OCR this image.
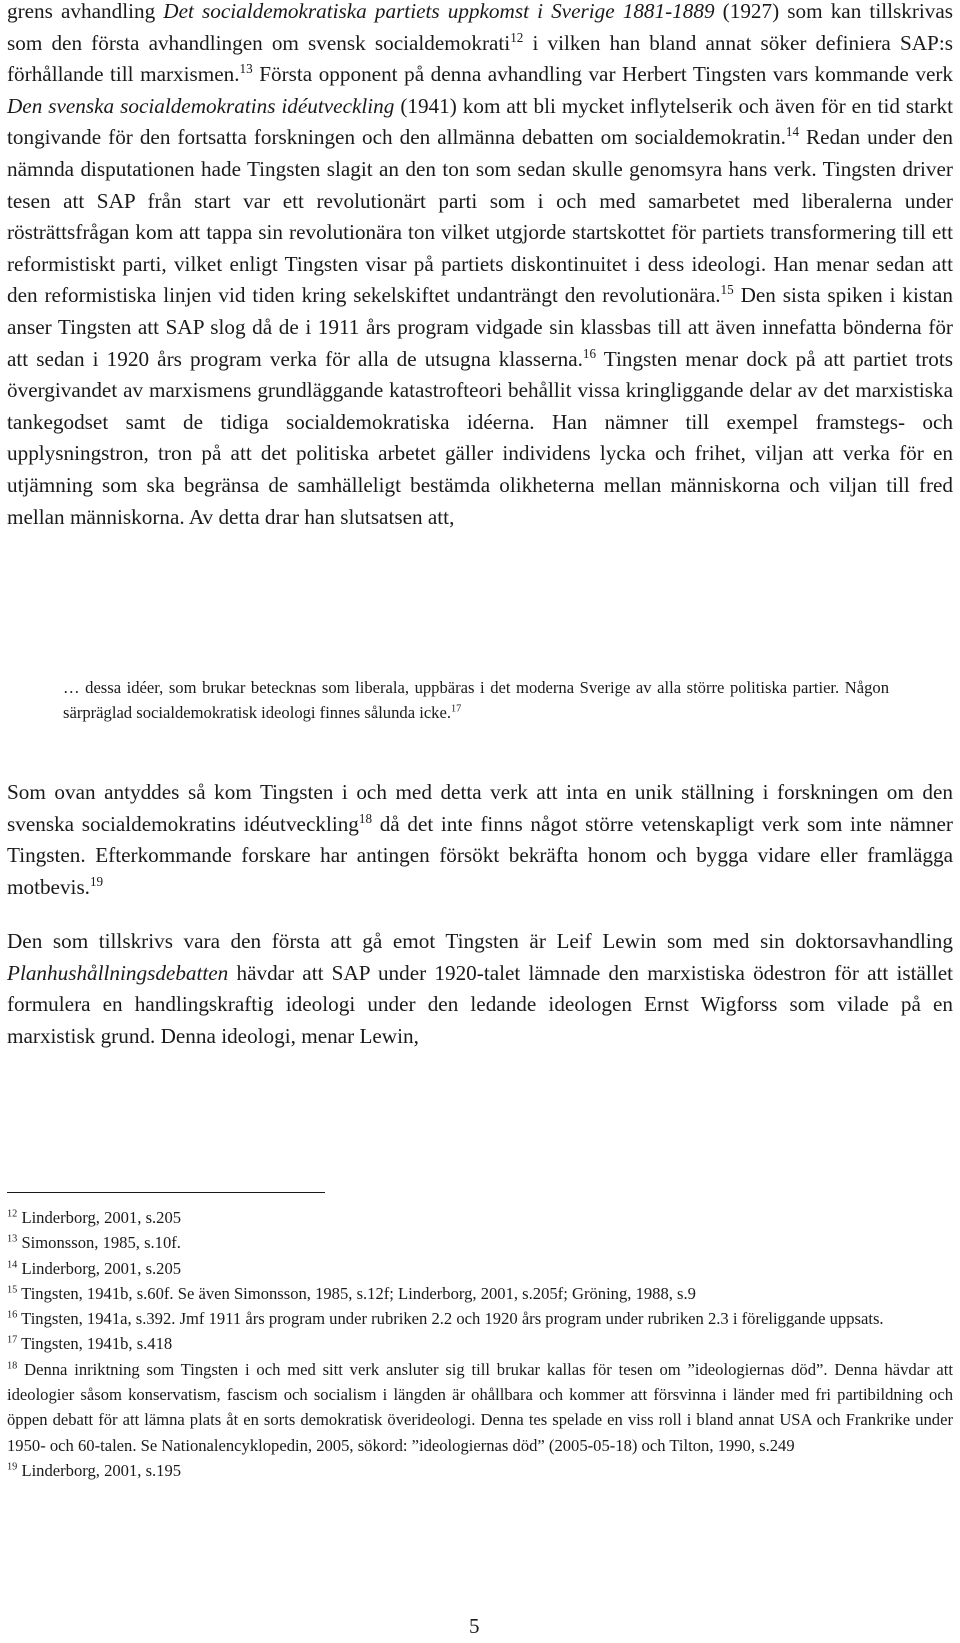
grens avhandling Det socialdemokratiska partiets uppkomst i Sverige 1881-1889 (1927) som kan tillskrivas som den första avhandlingen om svensk socialdemokrati$^{12}$ i vilken han bland annat söker definiera SAP:s förhållande till marxismen.$^{13}$ Första opponent på denna avhandling var Herbert Tingsten vars kommande verk Den svenska socialdemokratins idéutveckling (1941) kom att bli mycket inflytelserik och även för en tid starkt tongivande för den fortsatta forskningen och den allmänna debatten om socialdemokratin.$^{14}$ Redan under den nämnda disputationen hade Tingsten slagit an den ton som sedan skulle genomsyra hans verk. Tingsten driver tesen att SAP från start var ett revolutionärt parti som i och med samarbetet med liberalerna under rösträttsfrågan kom att tappa sin revolutionära ton vilket utgjorde startskottet för partiets transformering till ett reformistiskt parti, vilket enligt Tingsten visar på partiets diskontinuitet i dess ideologi. Han menar sedan att den reformistiska linjen vid tiden kring sekelskiftet undanträngt den revolutionära.$^{15}$ Den sista spiken i kistan anser Tingsten att SAP slog då de i 1911 års program vidgade sin klassbas till att även innefatta bönderna för att sedan i 1920 års program verka för alla de utsugna klasserna.$^{16}$ Tingsten menar dock på att partiet trots övergivandet av marxismens grundläggande katastrofteori behållit vissa kringliggande delar av det marxistiska tankegodset samt de tidiga socialdemokratiska idéerna. Han nämner till exempel framstegs- och upplysningstron, tron på att det politiska arbetet gäller individens lycka och frihet, viljan att verka för en utjämning som ska begränsa de samhälleligt bestämda olikheterna mellan människorna och viljan till fred mellan människorna. Av detta drar han slutsatsen att,

… dessa idéer, som brukar betecknas som liberala, uppbäras i det moderna Sverige av alla större politiska partier. Någon särpräglad socialdemokratisk ideologi finnes sålunda icke.$^{17}$

Som ovan antyddes så kom Tingsten i och med detta verk att inta en unik ställning i forskningen om den svenska socialdemokratins idéutveckling$^{18}$ då det inte finns något större vetenskapligt verk som inte nämner Tingsten. Efterkommande forskare har antingen försökt bekräfta honom och bygga vidare eller framlägga motbevis.$^{19}$

Den som tillskrivs vara den första att gå emot Tingsten är Leif Lewin som med sin doktorsavhandling Planhushållningsdebatten hävdar att SAP under 1920-talet lämnade den marxistiska ödestron för att istället formulera en handlingskraftig ideologi under den ledande ideologen Ernst Wigforss som vilade på en marxistisk grund. Denna ideologi, menar Lewin,

$^{12}$ Linderborg, 2001, s.205

$^{13}$ Simonsson, 1985, s.10f.

$^{14}$ Linderborg, 2001, s.205

$^{15}$ Tingsten, 1941b, s.60f. Se även Simonsson, 1985, s.12f; Linderborg, 2001, s.205f; Gröning, 1988, s.9

$^{16}$ Tingsten, 1941a, s.392. Jmf 1911 års program under rubriken 2.2 och 1920 års program under rubriken 2.3 i föreliggande uppsats.

$^{17}$ Tingsten, 1941b, s.418

$^{18}$ Denna inriktning som Tingsten i och med sitt verk ansluter sig till brukar kallas för tesen om ”ideologiernas död”. Denna hävdar att ideologier såsom konservatism, fascism och socialism i längden är ohållbara och kommer att försvinna i länder med fri partibildning och öppen debatt för att lämna plats åt en sorts demokratisk överideologi. Denna tes spelade en viss roll i bland annat USA och Frankrike under 1950- och 60-talen. Se Nationalencyklopedin, 2005, sökord: ”ideologiernas död” (2005-05-18) och Tilton, 1990, s.249

$^{19}$ Linderborg, 2001, s.195

5
